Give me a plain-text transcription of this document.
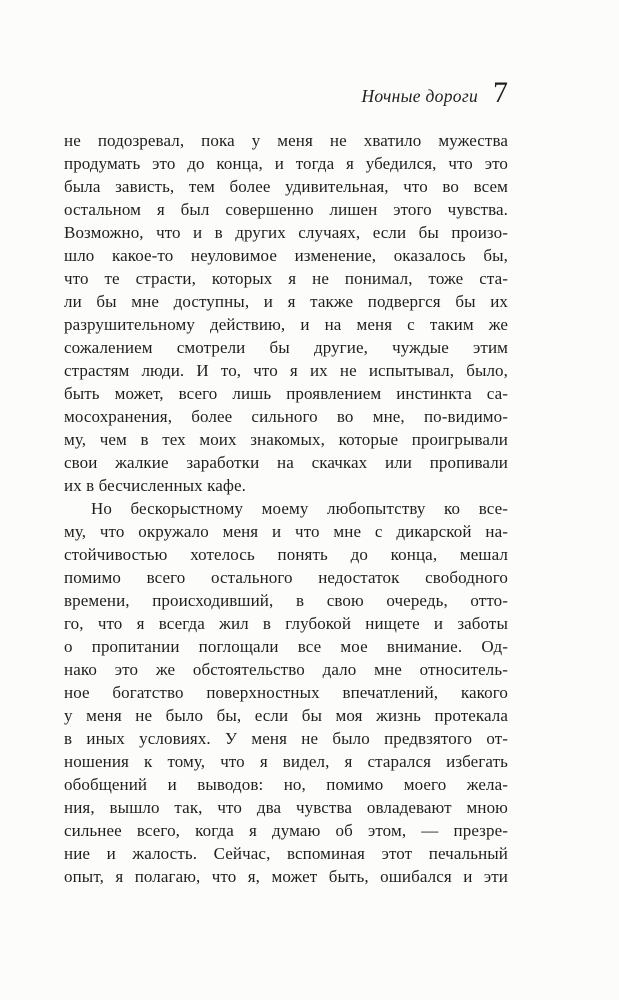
Ночные дороги 7
не подозревал, пока у меня не хватило мужества
продумать это до конца, и тогда я убедился, что это
была зависть, тем более удивительная, что во всем
остальном я был совершенно лишен этого чувства.
Возможно, что и в других случаях, если бы произо-
шло какое-то неуловимое изменение, оказалось бы,
что те страсти, которых я не понимал, тоже ста-
ли бы мне доступны, и я также подвергся бы их
разрушительному действию, и на меня с таким же
сожалением смотрели бы другие, чуждые этим
страстям люди. И то, что я их не испытывал, было,
быть может, всего лишь проявлением инстинкта са-
мосохранения, более сильного во мне, по-видимо-
му, чем в тех моих знакомых, которые проигрывали
свои жалкие заработки на скачках или пропивали
их в бесчисленных кафе.
Но бескорыстному моему любопытству ко все-
му, что окружало меня и что мне с дикарской на-
стойчивостью хотелось понять до конца, мешал
помимо всего остального недостаток свободного
времени, происходивший, в свою очередь, отто-
го, что я всегда жил в глубокой нищете и заботы
о пропитании поглощали все мое внимание. Од-
нако это же обстоятельство дало мне относитель-
ное богатство поверхностных впечатлений, какого
у меня не было бы, если бы моя жизнь протекала
в иных условиях. У меня не было предвзятого от-
ношения к тому, что я видел, я старался избегать
обобщений и выводов: но, помимо моего жела-
ния, вышло так, что два чувства овладевают мною
сильнее всего, когда я думаю об этом, — презре-
ние и жалость. Сейчас, вспоминая этот печальный
опыт, я полагаю, что я, может быть, ошибался и эти
